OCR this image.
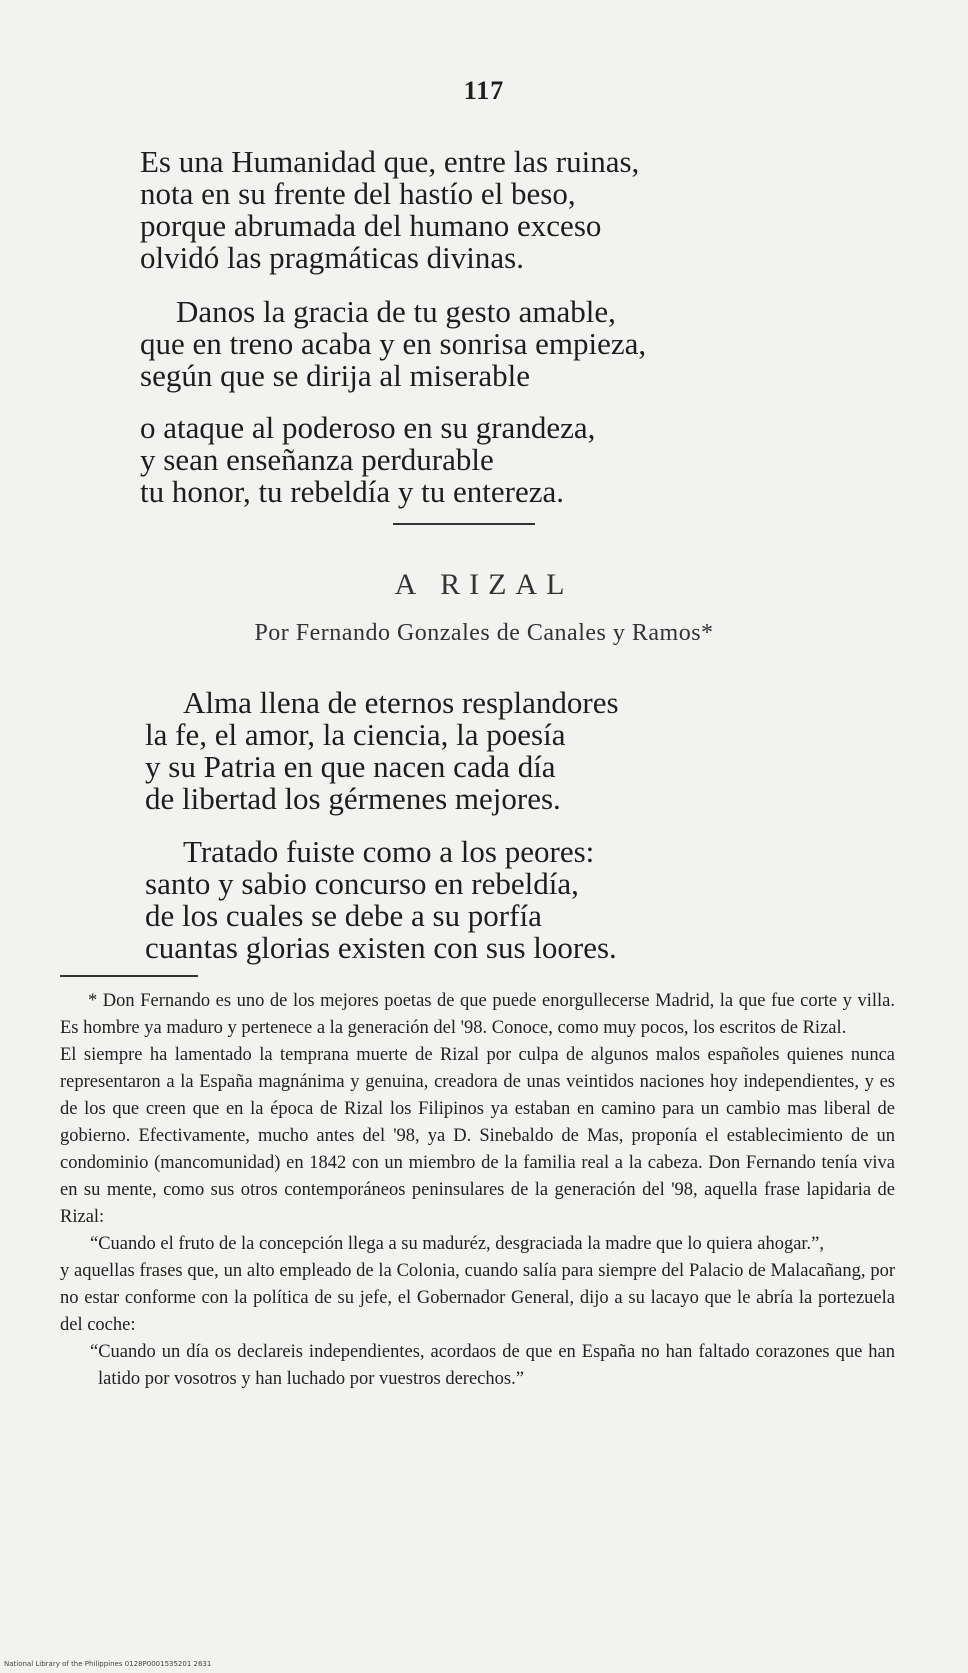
117
Es una Humanidad que, entre las ruinas,
nota en su frente del hastío el beso,
porque abrumada del humano exceso
olvidó las pragmáticas divinas.
Danos la gracia de tu gesto amable,
que en treno acaba y en sonrisa empieza,
según que se dirija al miserable
o ataque al poderoso en su grandeza,
y sean enseñanza perdurable
tu honor, tu rebeldía y tu entereza.
A RIZAL
Por Fernando Gonzales de Canales y Ramos*
Alma llena de eternos resplandores
la fe, el amor, la ciencia, la poesía
y su Patria en que nacen cada día
de libertad los gérmenes mejores.
Tratado fuiste como a los peores:
santo y sabio concurso en rebeldía,
de los cuales se debe a su porfía
cuantas glorias existen con sus loores.

* Don Fernando es uno de los mejores poetas de que puede enorgullecerse Madrid, la que fue corte y villa. Es hombre ya maduro y pertenece a la generación del '98. Conoce, como muy pocos, los escritos de Rizal.

El siempre ha lamentado la temprana muerte de Rizal por culpa de algunos malos españoles quienes nunca representaron a la España magnánima y genuina, creadora de unas veintidos naciones hoy independientes, y es de los que creen que en la época de Rizal los Filipinos ya estaban en camino para un cambio mas liberal de gobierno. Efectivamente, mucho antes del '98, ya D. Sinebaldo de Mas, proponía el establecimiento de un condominio (mancomunidad) en 1842 con un miembro de la familia real a la cabeza. Don Fernando tenía viva en su mente, como sus otros contemporáneos peninsulares de la generación del '98, aquella frase lapidaria de Rizal:

“Cuando el fruto de la concepción llega a su maduréz, desgraciada la madre que lo quiera ahogar.”,

y aquellas frases que, un alto empleado de la Colonia, cuando salía para siempre del Palacio de Malacañang, por no estar conforme con la política de su jefe, el Gobernador General, dijo a su lacayo que le abría la portezuela del coche:

“Cuando un día os declareis independientes, acordaos de que en España no han faltado corazones que han latido por vosotros y han luchado por vuestros derechos.”

National Library of the Philippines 0128P0001535201 2631
